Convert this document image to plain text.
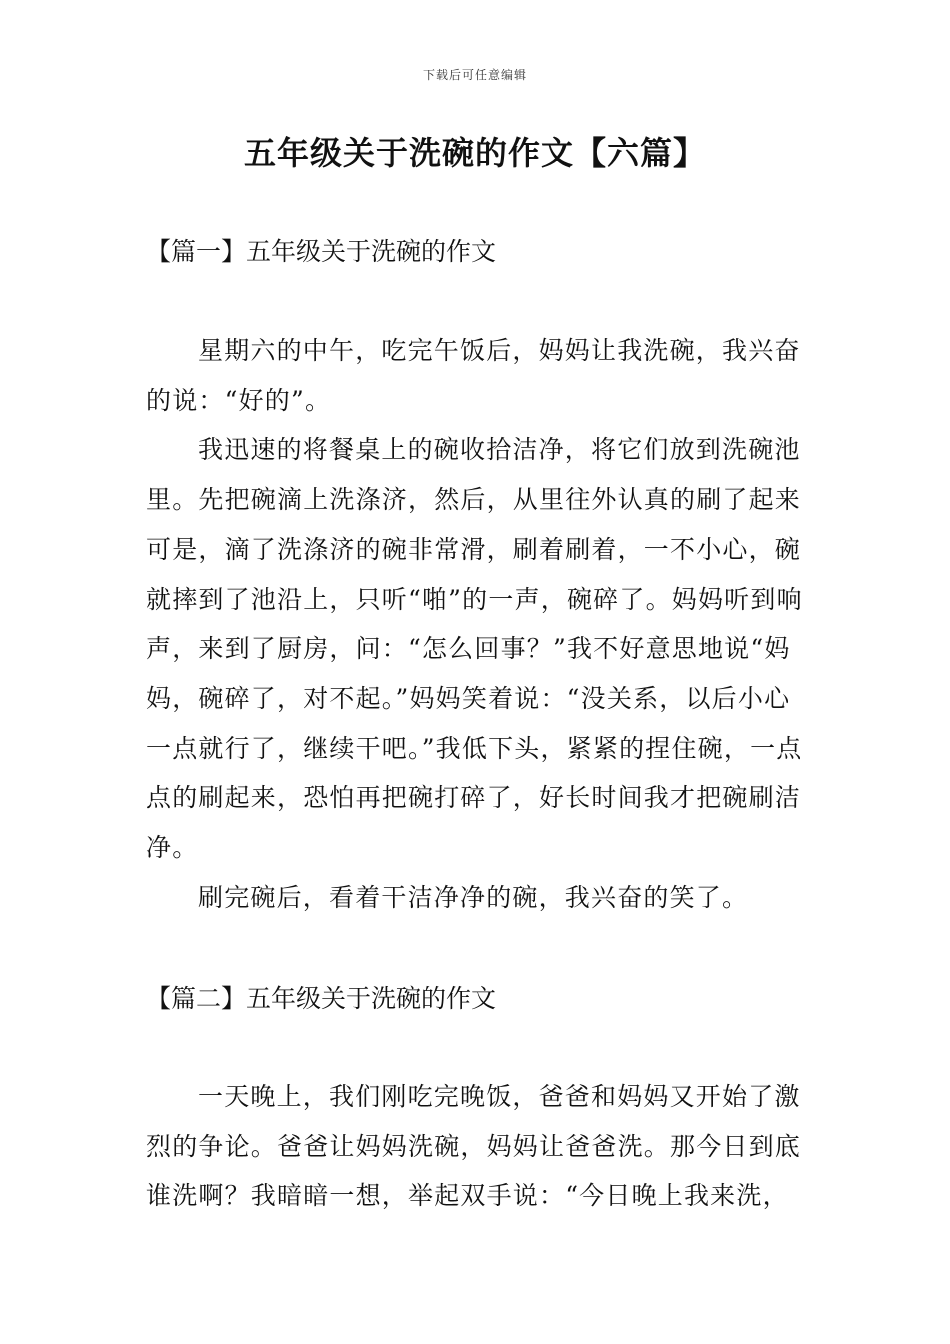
下载后可任意编辑
五年级关于洗碗的作文【六篇】
【篇一】五年级关于洗碗的作文

星期六的中午，吃完午饭后，妈妈让我洗碗，我兴奋的说：“好的”。

我迅速的将餐桌上的碗收拾洁净，将它们放到洗碗池里。先把碗滴上洗涤济，然后，从里往外认真的刷了起来可是，滴了洗涤济的碗非常滑，刷着刷着，一不小心，碗就摔到了池沿上，只听“啪”的一声，碗碎了。妈妈听到响声，来到了厨房，问：“怎么回事？”我不好意思地说“妈妈，碗碎了，对不起。”妈妈笑着说：“没关系，以后小心一点就行了，继续干吧。”我低下头，紧紧的捏住碗，一点点的刷起来，恐怕再把碗打碎了，好长时间我才把碗刷洁净。

刷完碗后，看着干洁净净的碗，我兴奋的笑了。

【篇二】五年级关于洗碗的作文

一天晚上，我们刚吃完晚饭，爸爸和妈妈又开始了激烈的争论。爸爸让妈妈洗碗，妈妈让爸爸洗。那今日到底谁洗啊？我暗暗一想，举起双手说：“今日晚上我来洗，
